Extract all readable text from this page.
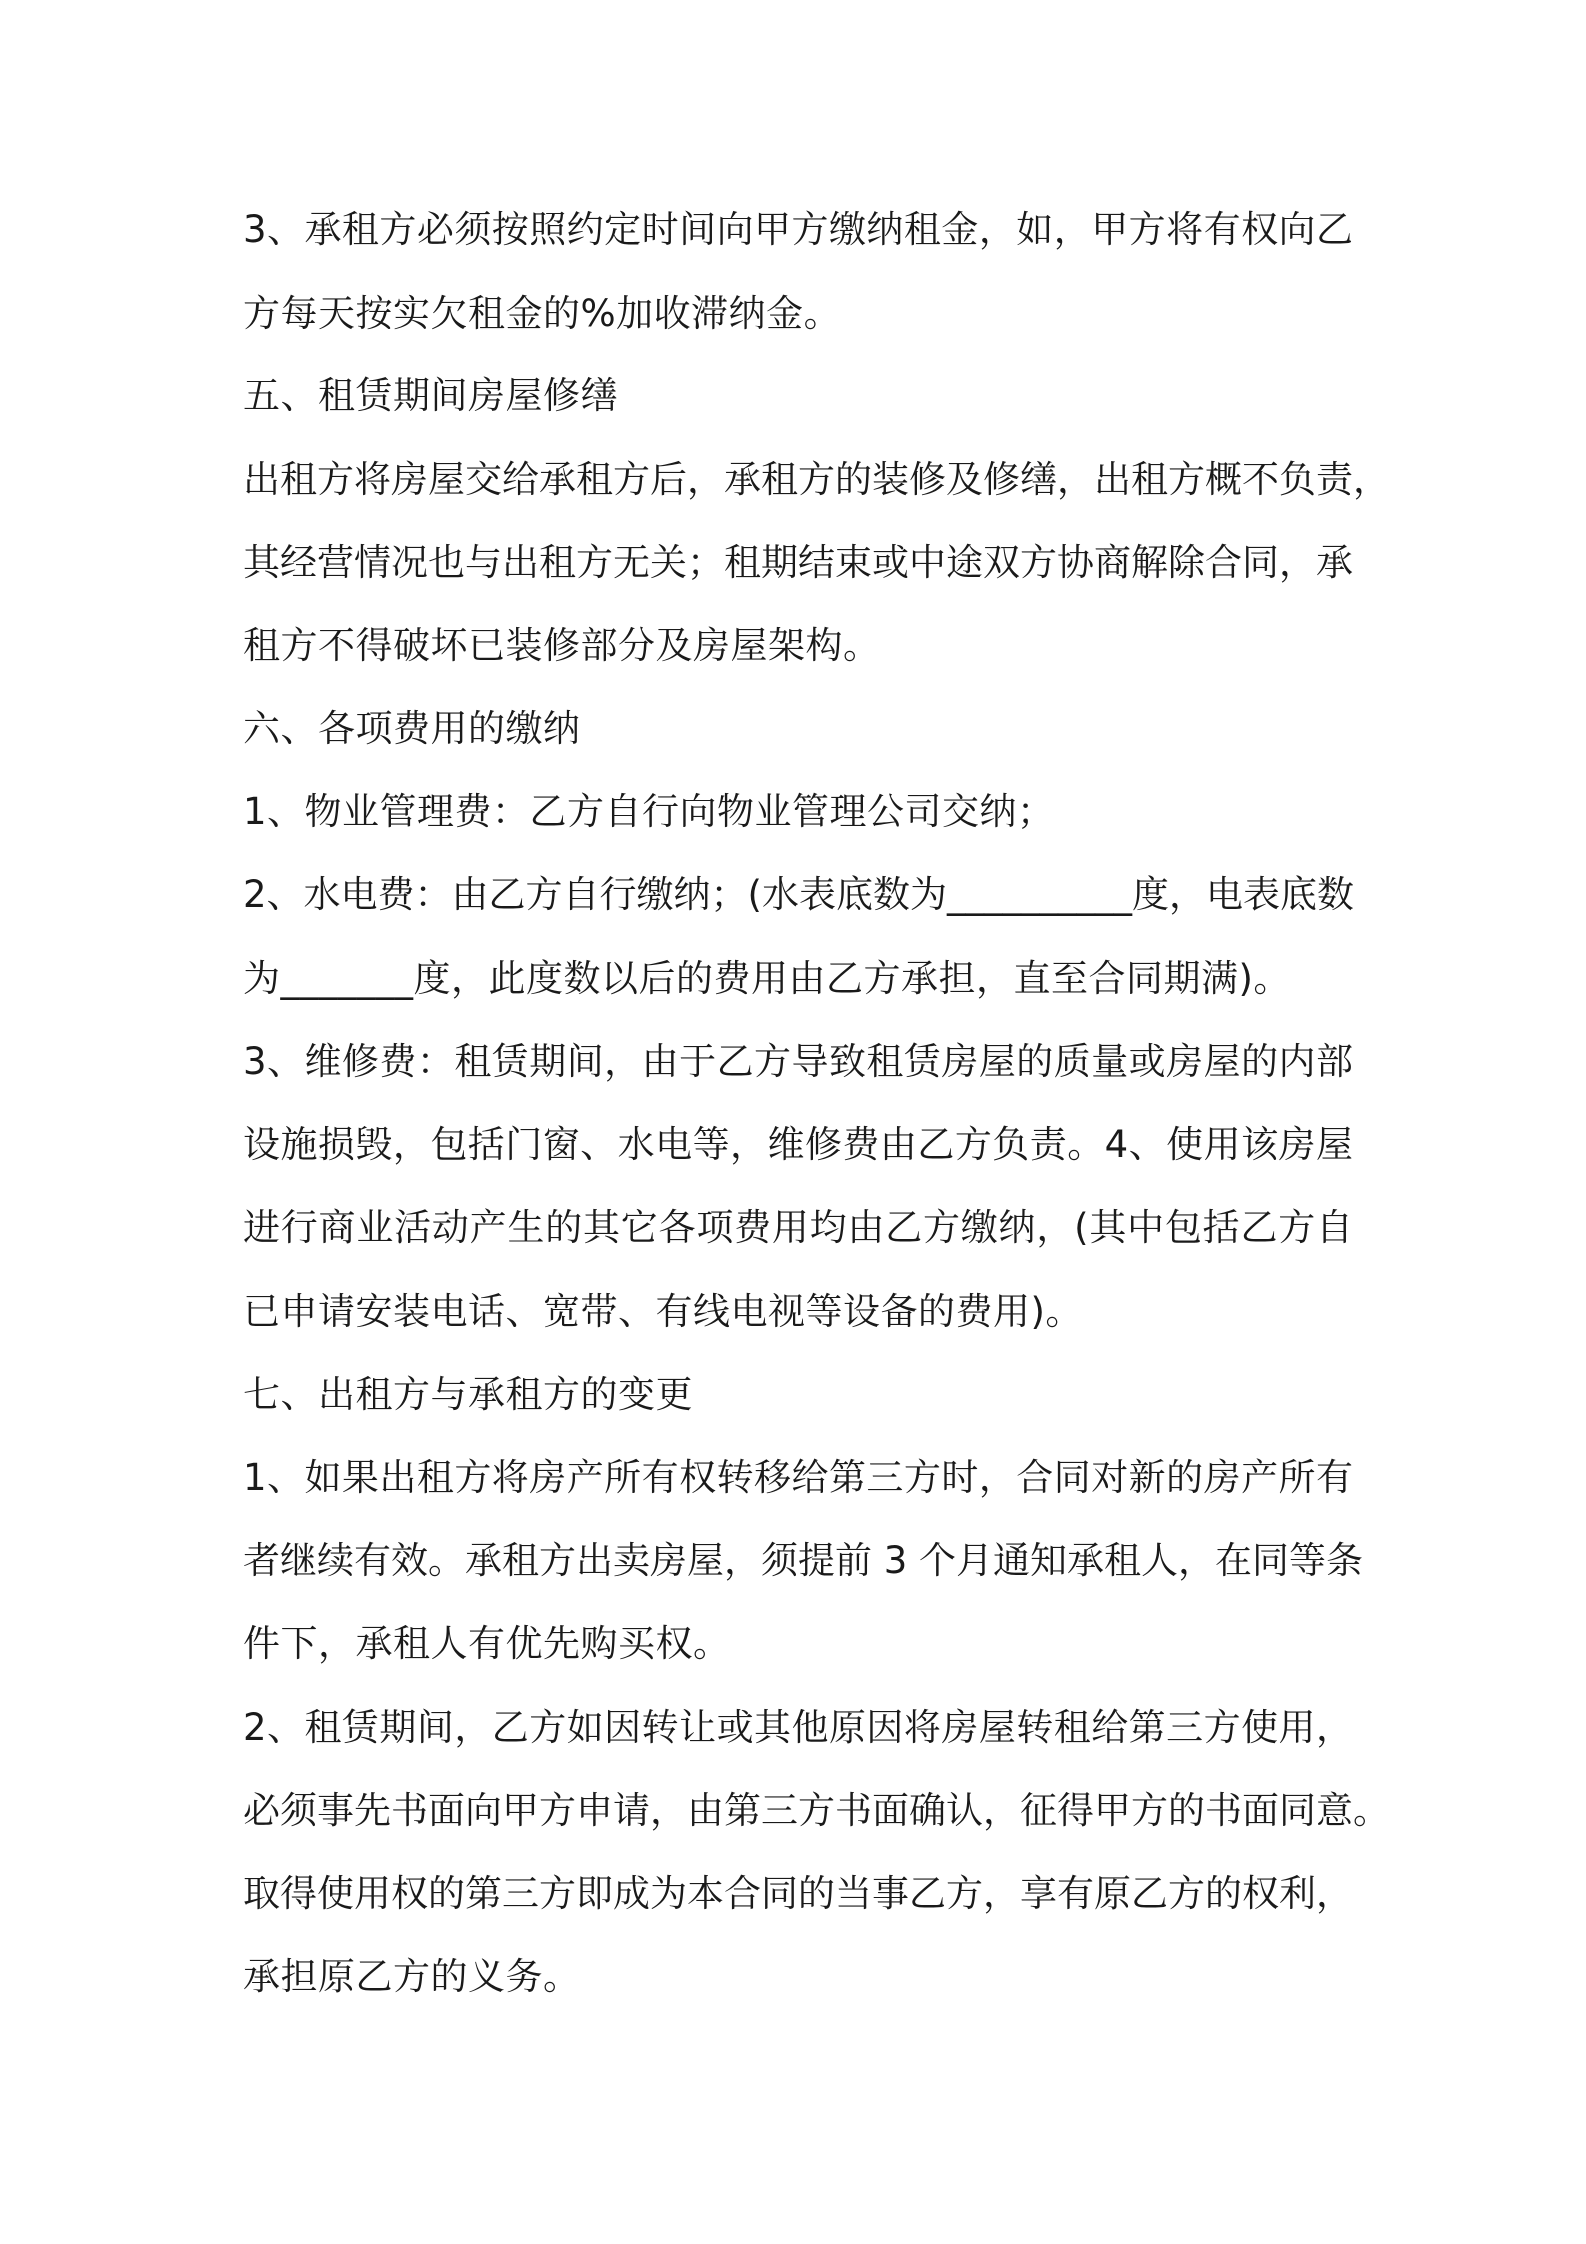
3、承租方必须按照约定时间向甲方缴纳租金，如，甲方将有权向乙
方每天按实欠租金的%加收滞纳金。
五、租赁期间房屋修缮
出租方将房屋交给承租方后，承租方的装修及修缮，出租方概不负责，
其经营情况也与出租方无关；租期结束或中途双方协商解除合同，承
租方不得破坏已装修部分及房屋架构。
六、各项费用的缴纳
1、物业管理费：乙方自行向物业管理公司交纳；
2、水电费：由乙方自行缴纳；(水表底数为__________度，电表底数
为_______度，此度数以后的费用由乙方承担，直至合同期满)。
3、维修费：租赁期间，由于乙方导致租赁房屋的质量或房屋的内部
设施损毁，包括门窗、水电等，维修费由乙方负责。4、使用该房屋
进行商业活动产生的其它各项费用均由乙方缴纳，(其中包括乙方自
已申请安装电话、宽带、有线电视等设备的费用)。
七、出租方与承租方的变更
1、如果出租方将房产所有权转移给第三方时，合同对新的房产所有
者继续有效。承租方出卖房屋，须提前 3 个月通知承租人，在同等条
件下，承租人有优先购买权。
2、租赁期间，乙方如因转让或其他原因将房屋转租给第三方使用，
必须事先书面向甲方申请，由第三方书面确认，征得甲方的书面同意。
取得使用权的第三方即成为本合同的当事乙方，享有原乙方的权利，
承担原乙方的义务。
